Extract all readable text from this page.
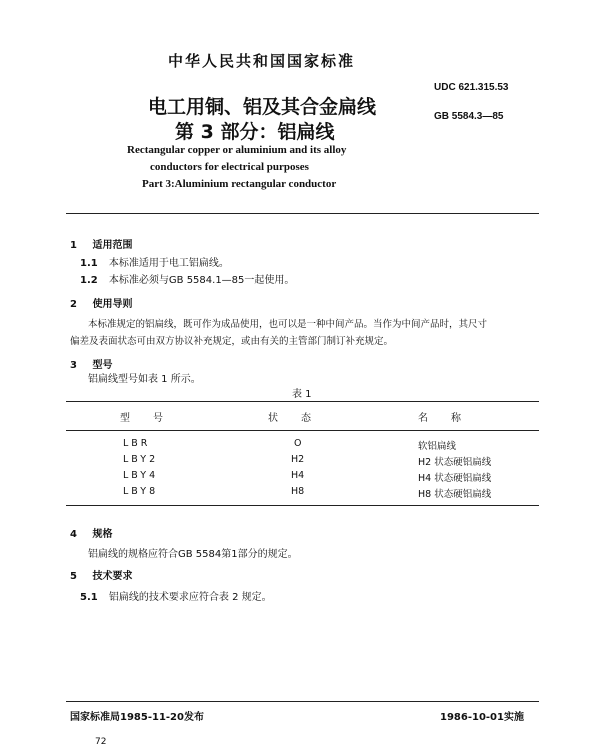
中华人民共和国国家标准
电工用铜、铝及其合金扁线
第 3 部分：铝扁线
UDC 621.315.53
GB 5584.3—85
Rectangular copper or aluminium and its alloy
conductors for electrical purposes
Part 3:Aluminium rectangular conductor
1 适用范围
1.1 本标准适用于电工铝扁线。
1.2 本标准必须与GB 5584.1—85一起使用。
2 使用导则
本标准规定的铝扁线，既可作为成品使用，也可以是一种中间产品。当作为中间产品时，其尺寸
偏差及表面状态可由双方协议补充规定，或由有关的主管部门制订补充规定。
3 型号
铝扁线型号如表 1 所示。
表 1
型　　号	状　　态	名　　称
LBR	O	软铝扁线
LBY2	H2	H2 状态硬铝扁线
LBY4	H4	H4 状态硬铝扁线
LBY8	H8	H8 状态硬铝扁线
4 规格
铝扁线的规格应符合GB 5584第1部分的规定。
5 技术要求
5.1 铝扁线的技术要求应符合表 2 规定。
国家标准局1985-11-20发布	1986-10-01实施
72
